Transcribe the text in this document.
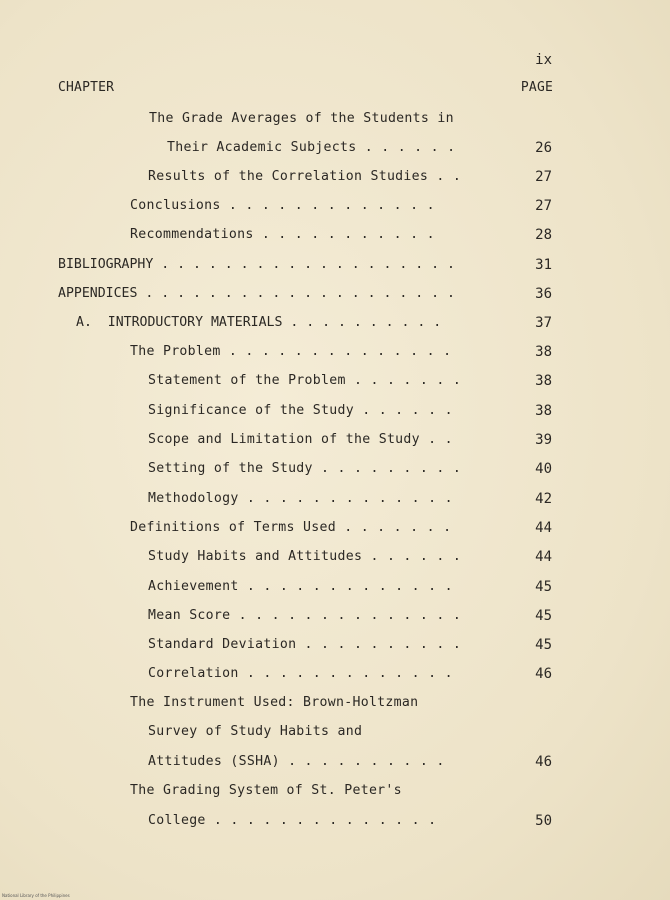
ix
CHAPTER	PAGE
The Grade Averages of the Students in
Their Academic Subjects . . . . . .	26
Results of the Correlation Studies . .	27
Conclusions . . . . . . . . . . . . .	27
Recommendations . . . . . . . . . . .	28
BIBLIOGRAPHY . . . . . . . . . . . . . . . . . . .	31
APPENDICES . . . . . . . . . . . . . . . . . . . .	36
A.  INTRODUCTORY MATERIALS . . . . . . . . . .	37
The Problem . . . . . . . . . . . . . .	38
Statement of the Problem . . . . . . .	38
Significance of the Study . . . . . .	38
Scope and Limitation of the Study . .	39
Setting of the Study . . . . . . . . .	40
Methodology . . . . . . . . . . . . .	42
Definitions of Terms Used . . . . . . .	44
Study Habits and Attitudes . . . . . .	44
Achievement . . . . . . . . . . . . .	45
Mean Score . . . . . . . . . . . . . .	45
Standard Deviation . . . . . . . . . .	45
Correlation . . . . . . . . . . . . .	46
The Instrument Used: Brown-Holtzman
Survey of Study Habits and
Attitudes (SSHA) . . . . . . . . . .	46
The Grading System of St. Peter's
College . . . . . . . . . . . . . .	50
National Library of the Philippines
